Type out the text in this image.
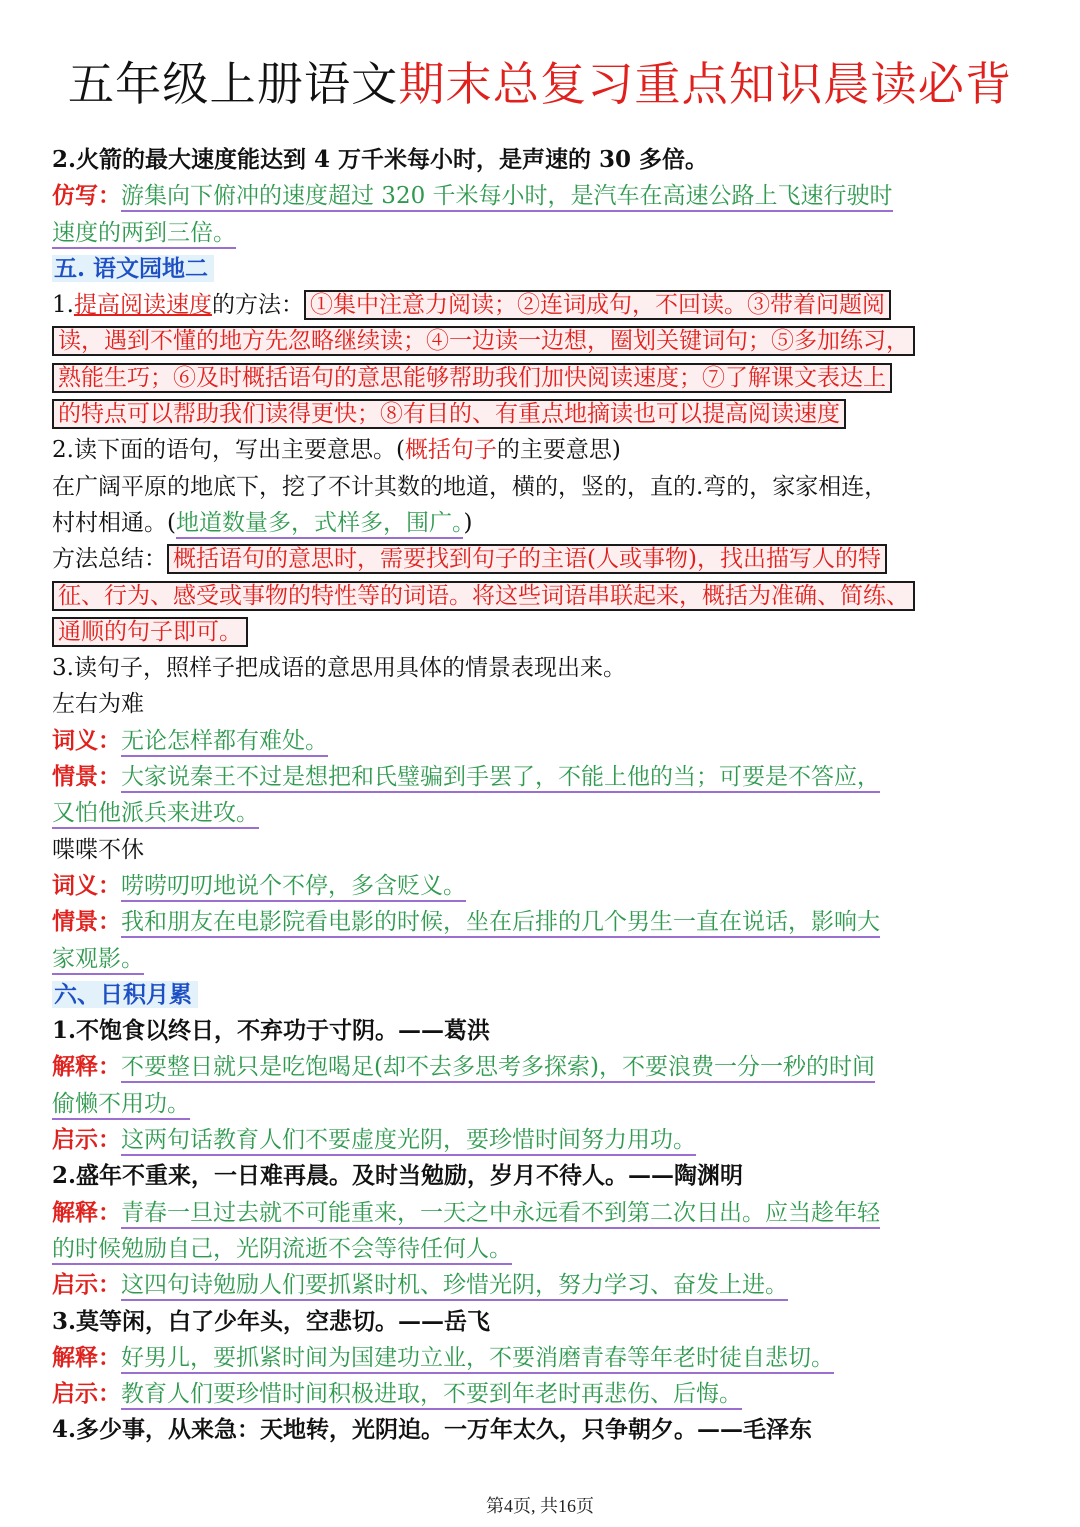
五年级上册语文期末总复习重点知识晨读必背
2.火箭的最大速度能达到 4 万千米每小时，是声速的 30 多倍。
仿写：游集向下俯冲的速度超过 320 千米每小时，是汽车在高速公路上飞速行驶时
速度的两到三倍。
五. 语文园地二
1.提高阅读速度的方法： ①集中注意力阅读；②连词成句，不回读。③带着问题阅
读，遇到不懂的地方先忽略继续读；④一边读一边想，圈划关键词句；⑤多加练习，
熟能生巧；⑥及时概括语句的意思能够帮助我们加快阅读速度；⑦了解课文表达上
的特点可以帮助我们读得更快；⑧有目的、有重点地摘读也可以提高阅读速度
2.读下面的语句，写出主要意思。(概括句子的主要意思)
在广阔平原的地底下，挖了不计其数的地道，横的，竖的，直的.弯的，家家相连，
村村相通。(地道数量多，式样多，围广。)
方法总结： 概括语句的意思时，需要找到句子的主语(人或事物)，找出描写人的特
征、行为、感受或事物的特性等的词语。将这些词语串联起来，概括为准确、简练、
通顺的句子即可。
3.读句子，照样子把成语的意思用具体的情景表现出来。
左右为难
词义：无论怎样都有难处。
情景：大家说秦王不过是想把和氏璧骗到手罢了，不能上他的当；可要是不答应，
又怕他派兵来进攻。
喋喋不休
词义：唠唠叨叨地说个不停，多含贬义。
情景：我和朋友在电影院看电影的时候，坐在后排的几个男生一直在说话，影响大
家观影。
六、日积月累
1.不饱食以终日，不弃功于寸阴。——葛洪
解释：不要整日就只是吃饱喝足(却不去多思考多探索)，不要浪费一分一秒的时间
偷懒不用功。
启示：这两句话教育人们不要虚度光阴，要珍惜时间努力用功。
2.盛年不重来，一日难再晨。及时当勉励，岁月不待人。——陶渊明
解释：青春一旦过去就不可能重来，一天之中永远看不到第二次日出。应当趁年轻
的时候勉励自己，光阴流逝不会等待任何人。
启示：这四句诗勉励人们要抓紧时机、珍惜光阴，努力学习、奋发上进。
3.莫等闲，白了少年头，空悲切。——岳飞
解释：好男儿，要抓紧时间为国建功立业，不要消磨青春等年老时徒自悲切。
启示：教育人们要珍惜时间积极进取，不要到年老时再悲伤、后悔。
4.多少事，从来急：天地转，光阴迫。一万年太久，只争朝夕。——毛泽东
第4页, 共16页
